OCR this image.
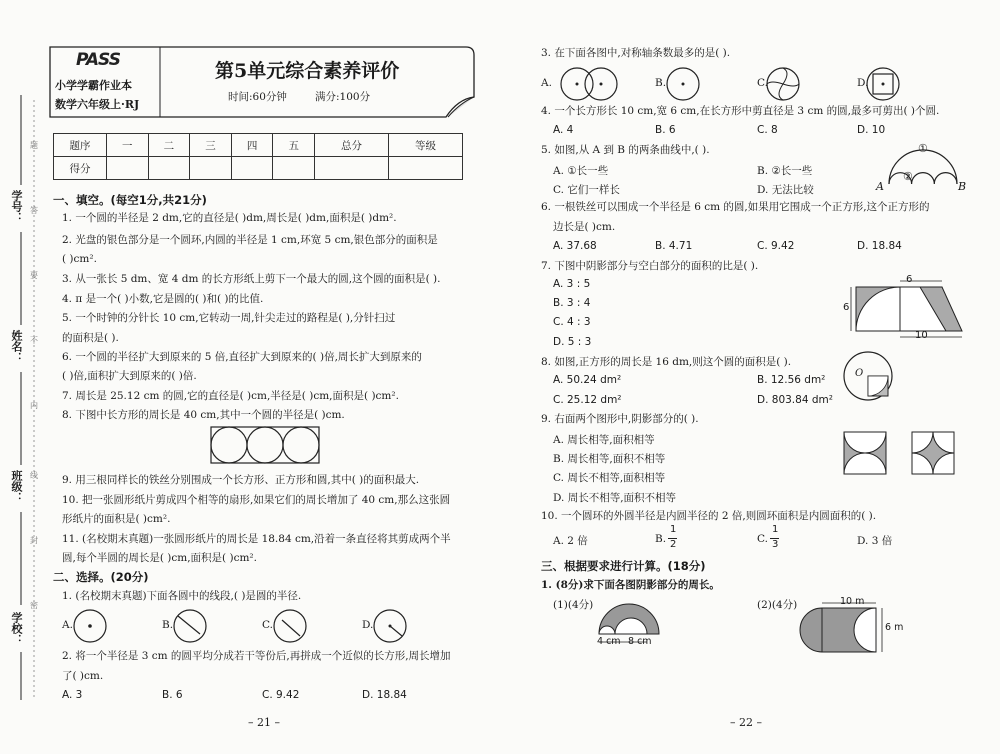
学号：
姓名：
班级：
学校：
题
答
要
不
内
线
封
密
PASS
小学学霸作业本
数学六年级上·RJ
第5单元综合素养评价
时间:60分钟	满分:100分
题序	一	二	三	四	五	总分	等级
得分							
一、填空。(每空1分,共21分)
1. 一个圆的半径是 2 dm,它的直径是( )dm,周长是( )dm,面积是( )dm².
2. 光盘的银色部分是一个圆环,内圆的半径是 1 cm,环宽 5 cm,银色部分的面积是
( )cm².
3. 从一张长 5 dm、宽 4 dm 的长方形纸上剪下一个最大的圆,这个圆的面积是( ).
4. π 是一个( )小数,它是圆的( )和( )的比值.
5. 一个时钟的分针长 10 cm,它转动一周,针尖走过的路程是( ),分针扫过
的面积是( ).
6. 一个圆的半径扩大到原来的 5 倍,直径扩大到原来的( )倍,周长扩大到原来的
( )倍,面积扩大到原来的( )倍.
7. 周长是 25.12 cm 的圆,它的直径是( )cm,半径是( )cm,面积是( )cm².
8. 下图中长方形的周长是 40 cm,其中一个圆的半径是( )cm.
9. 用三根同样长的铁丝分别围成一个长方形、正方形和圆,其中( )的面积最大.
10. 把一张圆形纸片剪成四个相等的扇形,如果它们的周长增加了 40 cm,那么这张圆
形纸片的面积是( )cm².
11. (名校期末真题)一张圆形纸片的周长是 18.84 cm,沿着一条直径将其剪成两个半
圆,每个半圆的周长是( )cm,面积是( )cm².
二、选择。(20分)
1. (名校期末真题)下面各圆中的线段,( )是圆的半径.
A.	B.	C.	D.
2. 将一个半径是 3 cm 的圆平均分成若干等份后,再拼成一个近似的长方形,周长增加
了( )cm.
A. 3	B. 6	C. 9.42	D. 18.84
– 21 –
3. 在下面各图中,对称轴条数最多的是( ).
A.	B.	C.	D.
4. 一个长方形长 10 cm,宽 6 cm,在长方形中剪直径是 3 cm 的圆,最多可剪出( )个圆.
A. 4	B. 6	C. 8	D. 10
5. 如图,从 A 到 B 的两条曲线中,( ).
A. ①长一些	B. ②长一些
C. 它们一样长	D. 无法比较
①
②
A	B
6. 一根铁丝可以围成一个半径是 6 cm 的圆,如果用它围成一个正方形,这个正方形的
边长是( )cm.
A. 37.68	B. 4.71	C. 9.42	D. 18.84
7. 下图中阴影部分与空白部分的面积的比是( ).
A. 3 : 5
B. 3 : 4
C. 4 : 3
D. 5 : 3
6
6
10
8. 如图,正方形的周长是 16 dm,则这个圆的面积是( ).
A. 50.24 dm²	B. 12.56 dm²
C. 25.12 dm²	D. 803.84 dm²
O
9. 右面两个图形中,阴影部分的( ).
A. 周长相等,面积相等
B. 周长相等,面积不相等
C. 周长不相等,面积相等
D. 周长不相等,面积不相等
10. 一个圆环的外圆半径是内圆半径的 2 倍,则圆环面积是内圆面积的( ).
A. 2 倍	B.
1
2	C.
1
3	D. 3 倍
三、根据要求进行计算。(18分)
1. (8分)求下面各图阴影部分的周长。
(1)(4分)	(2)(4分)
4 cm 8 cm
10 m
6 m
– 22 –
